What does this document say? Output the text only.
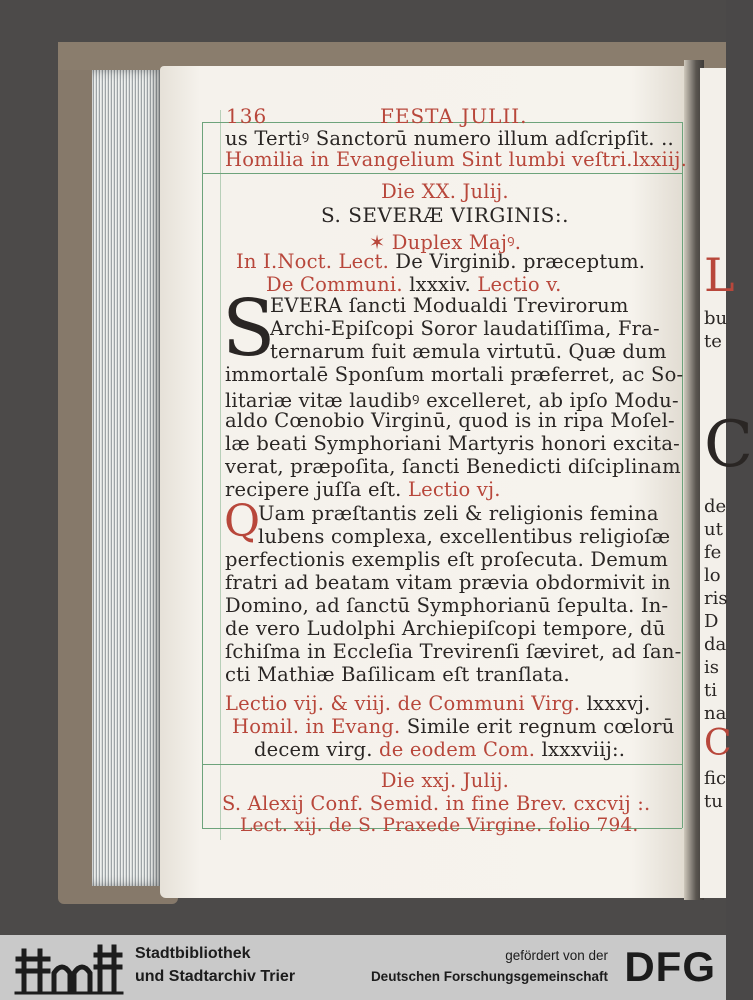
136	FESTA JULII.
us Tertiꝰ Sanctorū numero illum adſcripſit. ..
Homilia in Evangelium Sint lumbi veſtri.lxxiij.
Die XX. Julij.
S. SEVERÆ VIRGINIS:.
✶ Duplex Majꝰ.
In I.Noct. Lect. De Virginib. præceptum.
De Communi. lxxxiv. Lectio v.
S
EVERA ſancti Modualdi Trevirorum
Archi-Epiſcopi Soror laudatiſſima, Fra-
ternarum fuit æmula virtutū. Quæ dum
immortalē Sponſum mortali præferret, ac So-
litariæ vitæ laudibꝰ excelleret, ab ipſo Modu-
aldo Cœnobio Virginū, quod is in ripa Moſel-
læ beati Symphoriani Martyris honori excita-
verat, præpoſita, ſancti Benedicti diſciplinam
recipere juſſa eſt. Lectio vj.
Q
Uam præſtantis zeli & religionis femina
lubens complexa, excellentibus religioſæ
perfectionis exemplis eſt proſecuta. Demum
fratri ad beatam vitam prævia obdormivit in
Domino, ad ſanctū Symphorianū ſepulta. In-
de vero Ludolphi Archiepiſcopi tempore, dū
ſchiſma in Eccleſia Trevirenſi ſæviret, ad ſan-
cti Mathiæ Baſilicam eſt tranſlata.
Lectio vij. & viij. de Communi Virg. lxxxvj.
Homil. in Evang. Simile erit regnum cœlorū
decem virg. de eodem Com. lxxxviij:.
Die xxj. Julij.
S. Alexij Conf. Semid. in fine Brev. cxcvij :.
Lect. xij. de S. Praxede Virgine. folio 794.
L
bu
te
C
de
ut
fe
lo
ris
D
da
is
ti
na
C
fic
tu
Stadtbibliothek
und Stadtarchiv Trier
gefördert von der
Deutschen Forschungsgemeinschaft DFG
